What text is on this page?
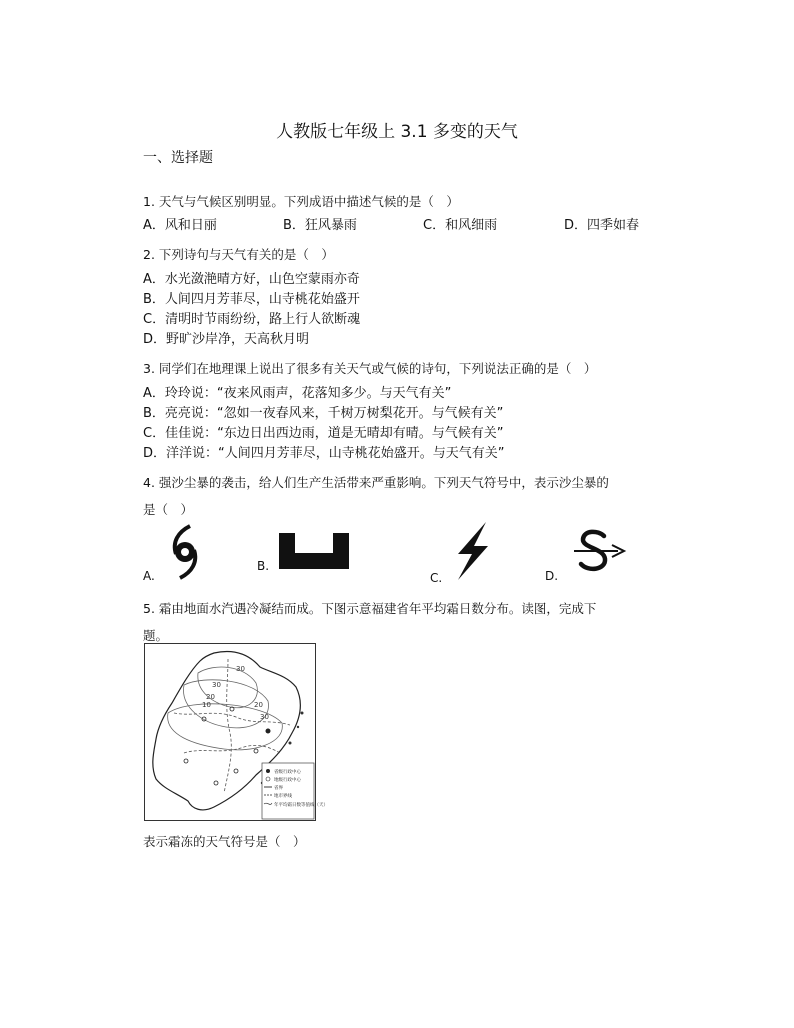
人教版七年级上 3.1 多变的天气
一、选择题
1. 天气与气候区别明显。下列成语中描述气候的是（　）
A．风和日丽	B．狂风暴雨	C．和风细雨	D．四季如春
2. 下列诗句与天气有关的是（　）
A．水光潋滟晴方好，山色空蒙雨亦奇
B．人间四月芳菲尽，山寺桃花始盛开
C．清明时节雨纷纷，路上行人欲断魂
D．野旷沙岸净，天高秋月明
3. 同学们在地理课上说出了很多有关天气或气候的诗句，下列说法正确的是（　）
A．玲玲说：“夜来风雨声，花落知多少。与天气有关”
B．亮亮说：“忽如一夜春风来，千树万树梨花开。与气候有关”
C．佳佳说：“东边日出西边雨，道是无晴却有晴。与气候有关”
D．洋洋说：“人间四月芳菲尽，山寺桃花始盛开。与天气有关”
4. 强沙尘暴的袭击，给人们生产生活带来严重影响。下列天气符号中，表示沙尘暴的
是（　）
A.
B.
C.	D.
5. 霜由地面水汽遇冷凝结而成。下图示意福建省年平均霜日数分布。读图，完成下
题。
30
30
20
10	20
30
省级行政中心
地级行政中心
省界
地市界线
年平均霜日数等值线（天）
表示霜冻的天气符号是（　）
